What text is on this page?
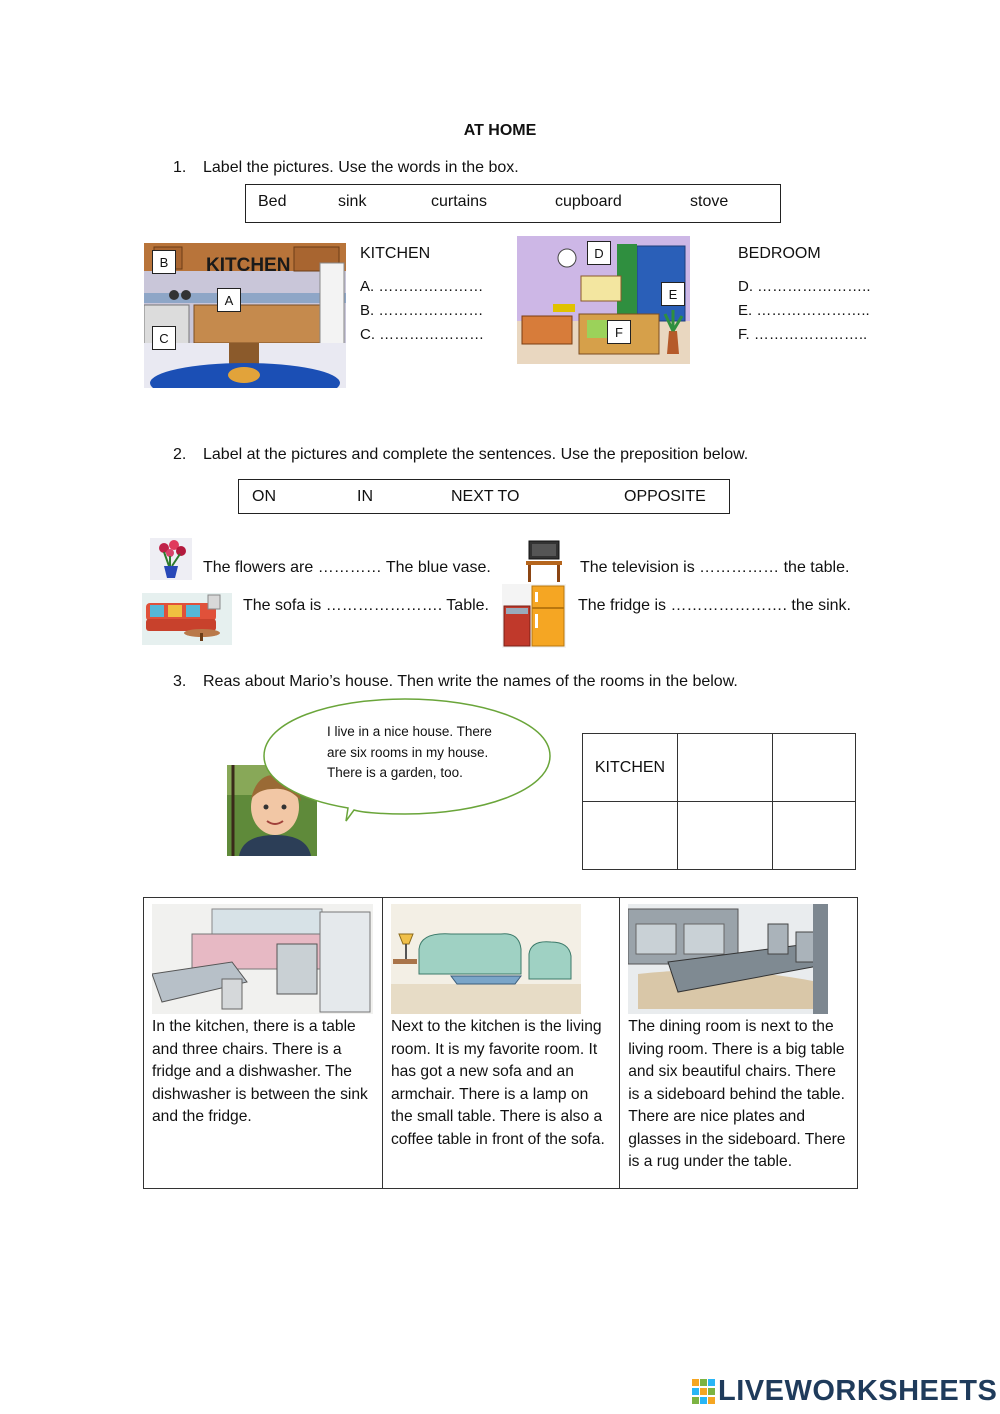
AT HOME
1. Label the pictures. Use the words in the box.
Bed	sink	curtains	cupboard	stove
KITCHEN
B
A
C
KITCHEN
A. …………………
B. …………………
C. …………………
D
E
F
BEDROOM
D. …………………..
E. …………………..
F. …………………..
2. Label at the pictures and complete the sentences. Use the preposition below.
ON	IN	NEXT TO	OPPOSITE
The flowers are ………… The blue vase.	The television is …………… the table.
The sofa is …………………. Table.	The fridge is …………………. the sink.
3. Reas about Mario’s house. Then write the names of the rooms in the below.
I live in a nice house. There are six rooms in my house. There is a garden, too.	KITCHEN		

In the kitchen, there is a table and three chairs. There is a fridge and a dishwasher. The dishwasher is between the sink and the fridge.

Next to the kitchen is the living room. It is my favorite room. It has got a new sofa and an armchair. There is a lamp on the small table. There is also a coffee table in front of the sofa.

The dining room is next to the living room. There is a big table and six beautiful chairs. There is a sideboard behind the table. There are nice plates and glasses in the sideboard. There is a rug under the table.

LIVEWORKSHEETS
